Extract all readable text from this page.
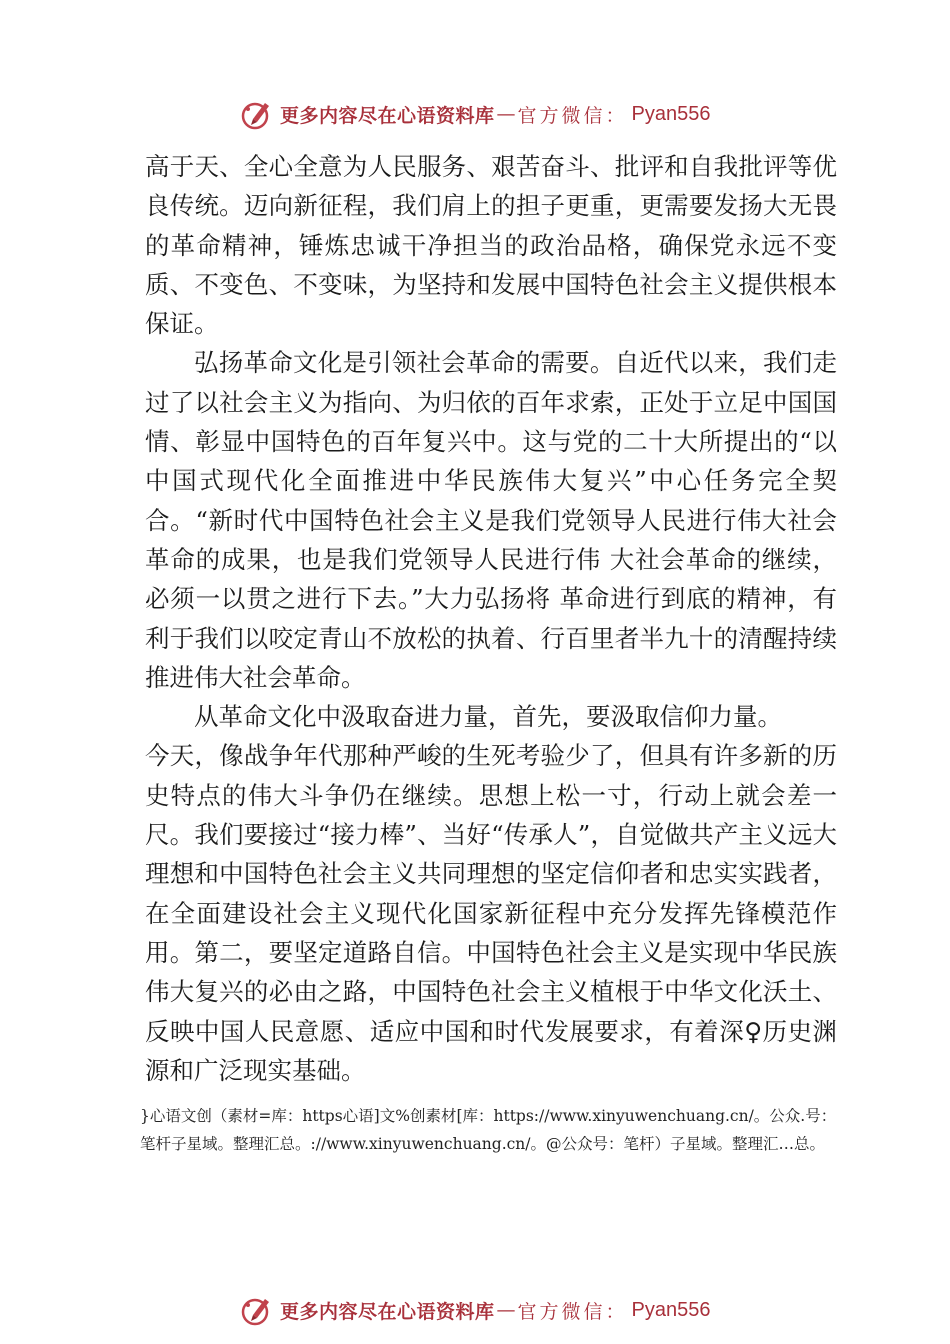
更多内容尽在心语资料库 — 官方微信： Pyan556

高于天、全心全意为人民服务、艰苦奋斗、批评和自我批评等优良传统。迈向新征程，我们肩上的担子更重，更需要发扬大无畏的革命精神，锤炼忠诚干净担当的政治品格，确保党永远不变质、不变色、不变味，为坚持和发展中国特色社会主义提供根本保证。

弘扬革命文化是引领社会革命的需要。自近代以来，我们走过了以社会主义为指向、为归依的百年求索，正处于立足中国国情、彰显中国特色的百年复兴中。这与党的二十大所提出的“以中国式现代化全面推进中华民族伟大复兴”中心任务完全契合。“新时代中国特色社会主义是我们党领导人民进行伟大社会革命的成果，也是我们党领导人民进行伟 大社会革命的继续，必须一以贯之进行下去。”大力弘扬将 革命进行到底的精神，有利于我们以咬定青山不放松的执着、行百里者半九十的清醒持续推进伟大社会革命。

从革命文化中汲取奋进力量，首先，要汲取信仰力量。

今天，像战争年代那种严峻的生死考验少了，但具有许多新的历史特点的伟大斗争仍在继续。思想上松一寸，行动上就会差一尺。我们要接过“接力棒”、当好“传承人”，自觉做共产主义远大理想和中国特色社会主义共同理想的坚定信仰者和忠实实践者，在全面建设社会主义现代化国家新征程中充分发挥先锋模范作用。第二，要坚定道路自信。中国特色社会主义是实现中华民族伟大复兴的必由之路，中国特色社会主义植根于中华文化沃土、反映中国人民意愿、适应中国和时代发展要求，有着深♀历史渊源和广泛现实基础。

}心语文创（素材=库：https心语]文%创素材[库：https://www.xinyuwenchuang.cn/。公众.号：笔杆子星域。整理汇总。://www.xinyuwenchuang.cn/。@公众号：笔杆）子星域。整理汇…总。
更多内容尽在心语资料库 — 官方微信： Pyan556
